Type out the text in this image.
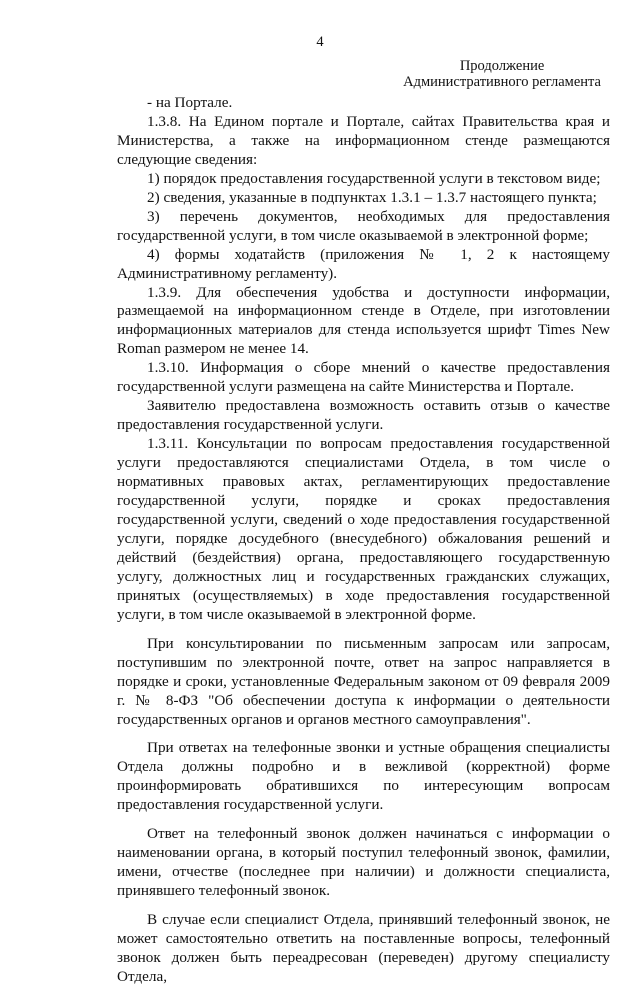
4
Продолжение
Административного регламента

- на Портале.

1.3.8. На Едином портале и Портале, сайтах Правительства края и Министерства, а также на информационном стенде размещаются следующие сведения:

1) порядок предоставления государственной услуги в текстовом виде;

2) сведения, указанные в подпунктах 1.3.1 – 1.3.7 настоящего пункта;

3) перечень документов, необходимых для предоставления государственной услуги, в том числе оказываемой в электронной форме;

4) формы ходатайств (приложения № 1, 2 к настоящему Административному регламенту).

1.3.9. Для обеспечения удобства и доступности информации, размещаемой на информационном стенде в Отделе, при изготовлении информационных материалов для стенда используется шрифт Times New Roman размером не менее 14.

1.3.10. Информация о сборе мнений о качестве предоставления государственной услуги размещена на сайте Министерства и Портале.

Заявителю предоставлена возможность оставить отзыв о качестве предоставления государственной услуги.

1.3.11. Консультации по вопросам предоставления государственной услуги предоставляются специалистами Отдела, в том числе о нормативных правовых актах, регламентирующих предоставление государственной услуги, порядке и сроках предоставления государственной услуги, сведений о ходе предоставления государственной услуги, порядке досудебного (внесудебного) обжалования решений и действий (бездействия) органа, предоставляющего государственную услугу, должностных лиц и государственных гражданских служащих, принятых (осуществляемых) в ходе предоставления государственной услуги, в том числе оказываемой в электронной форме.

При консультировании по письменным запросам или запросам, поступившим по электронной почте, ответ на запрос направляется в порядке и сроки, установленные Федеральным законом от 09 февраля 2009 г. № 8-ФЗ "Об обеспечении доступа к информации о деятельности государственных органов и органов местного самоуправления".

При ответах на телефонные звонки и устные обращения специалисты Отдела должны подробно и в вежливой (корректной) форме проинформировать обратившихся по интересующим вопросам предоставления государственной услуги.

Ответ на телефонный звонок должен начинаться с информации о наименовании органа, в который поступил телефонный звонок, фамилии, имени, отчестве (последнее при наличии) и должности специалиста, принявшего телефонный звонок.

В случае если специалист Отдела, принявший телефонный звонок, не может самостоятельно ответить на поставленные вопросы, телефонный звонок должен быть переадресован (переведен) другому специалисту Отдела,
